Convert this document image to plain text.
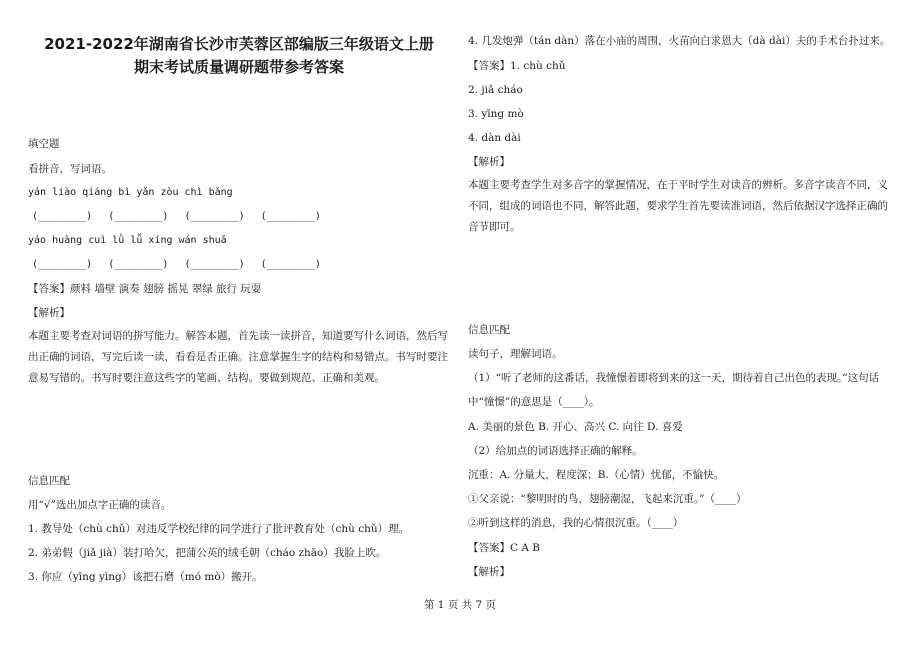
2021-2022年湖南省长沙市芙蓉区部编版三年级语文上册
期末考试质量调研题带参考答案
填空题
看拼音，写词语。
yán liào qiáng bì yǎn zòu chì bǎng
(________) (________) (________) (________)
yáo huàng cuì lǜ lǚ xíng wán shuǎ
(________) (________) (________) (________)
【答案】颜料 墙壁 演奏 翅膀 摇晃 翠绿 旅行 玩耍
【解析】
本题主要考查对词语的拼写能力。解答本题，首先读一读拼音，知道要写什么词语，然后写出正确的词语，写完后读一读，看看是否正确。注意掌握生字的结构和易错点。书写时要注意易写错的。书写时要注意这些字的笔画、结构。要做到规范、正确和美观。
信息匹配
用“√”选出加点字正确的读音。
1. 教导处（chù chǔ）对违反学校纪律的同学进行了批评教育处（chù chǔ）理。
2. 弟弟假（jiǎ jià）装打哈欠，把蒲公英的绒毛朝（cháo zhāo）我脸上吹。
3. 你应（yīng yìng）该把石磨（mó mò）搬开。
4. 几发炮弹（tán dàn）落在小庙的周围，火苗向白求恩大（dà dài）夫的手术台扑过来。
【答案】1. chù chǔ
2. jiǎ cháo
3. yīng mò
4. dàn dài
【解析】
本题主要考查学生对多音字的掌握情况，在于平时学生对读音的辨析。多音字读音不同，义不同，组成的词语也不同，解答此题，要求学生首先要读准词语，然后依据汉字选择正确的音节即可。
信息匹配
读句子，理解词语。
（1）“听了老师的这番话，我憧憬着即将到来的这一天，期待着自己出色的表现。”这句话
中“憧憬”的意思是（____）。
A. 美丽的景色 B. 开心、高兴 C. 向往 D. 喜爱
（2）给加点的词语选择正确的解释。
沉重：A. 分量大，程度深；B.（心情）忧郁，不愉快。
①父亲说：“黎明时的鸟，翅膀潮湿，飞起来沉重。”（____）
②听到这样的消息，我的心情很沉重。（____）
【答案】C A B
【解析】
第 1 页 共 7 页
